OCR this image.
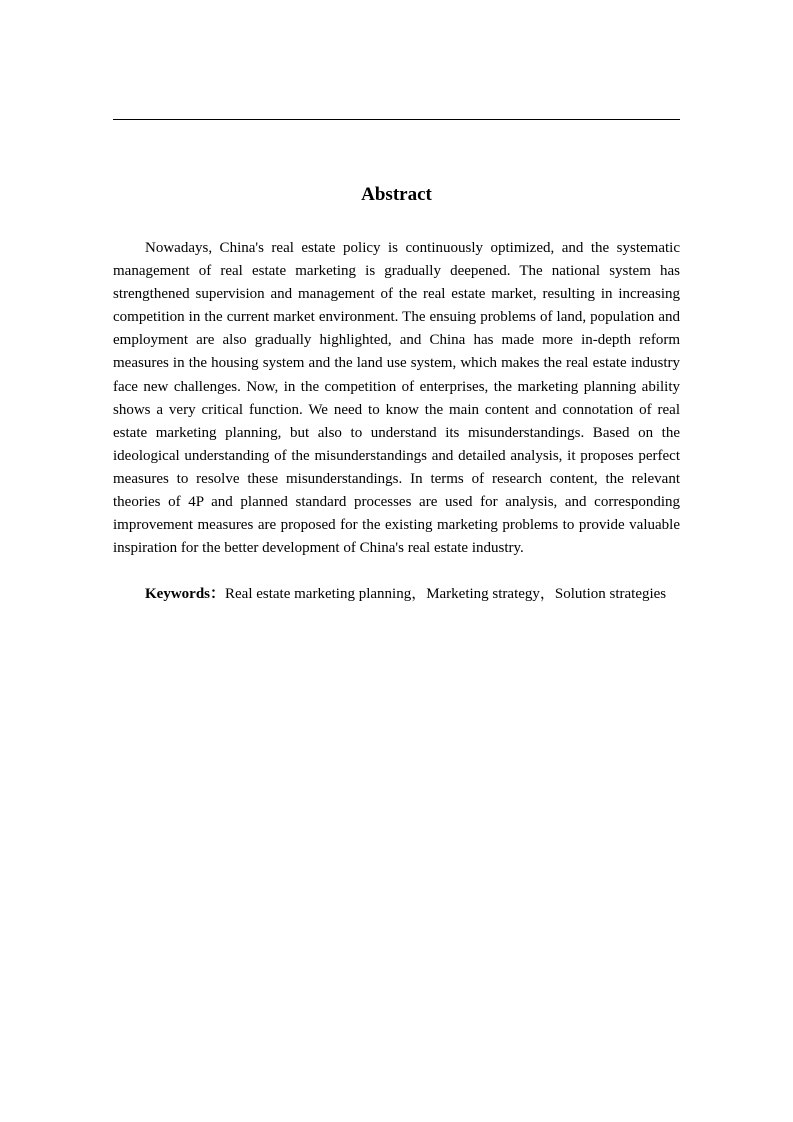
Abstract

Nowadays, China's real estate policy is continuously optimized, and the systematic management of real estate marketing is gradually deepened. The national system has strengthened supervision and management of the real estate market, resulting in increasing competition in the current market environment. The ensuing problems of land, population and employment are also gradually highlighted, and China has made more in-depth reform measures in the housing system and the land use system, which makes the real estate industry face new challenges. Now, in the competition of enterprises, the marketing planning ability shows a very critical function. We need to know the main content and connotation of real estate marketing planning, but also to understand its misunderstandings. Based on the ideological understanding of the misunderstandings and detailed analysis, it proposes perfect measures to resolve these misunderstandings. In terms of research content, the relevant theories of 4P and planned standard processes are used for analysis, and corresponding improvement measures are proposed for the existing marketing problems to provide valuable inspiration for the better development of China's real estate industry.

Keywords：Real estate marketing planning，Marketing strategy，Solution strategies
